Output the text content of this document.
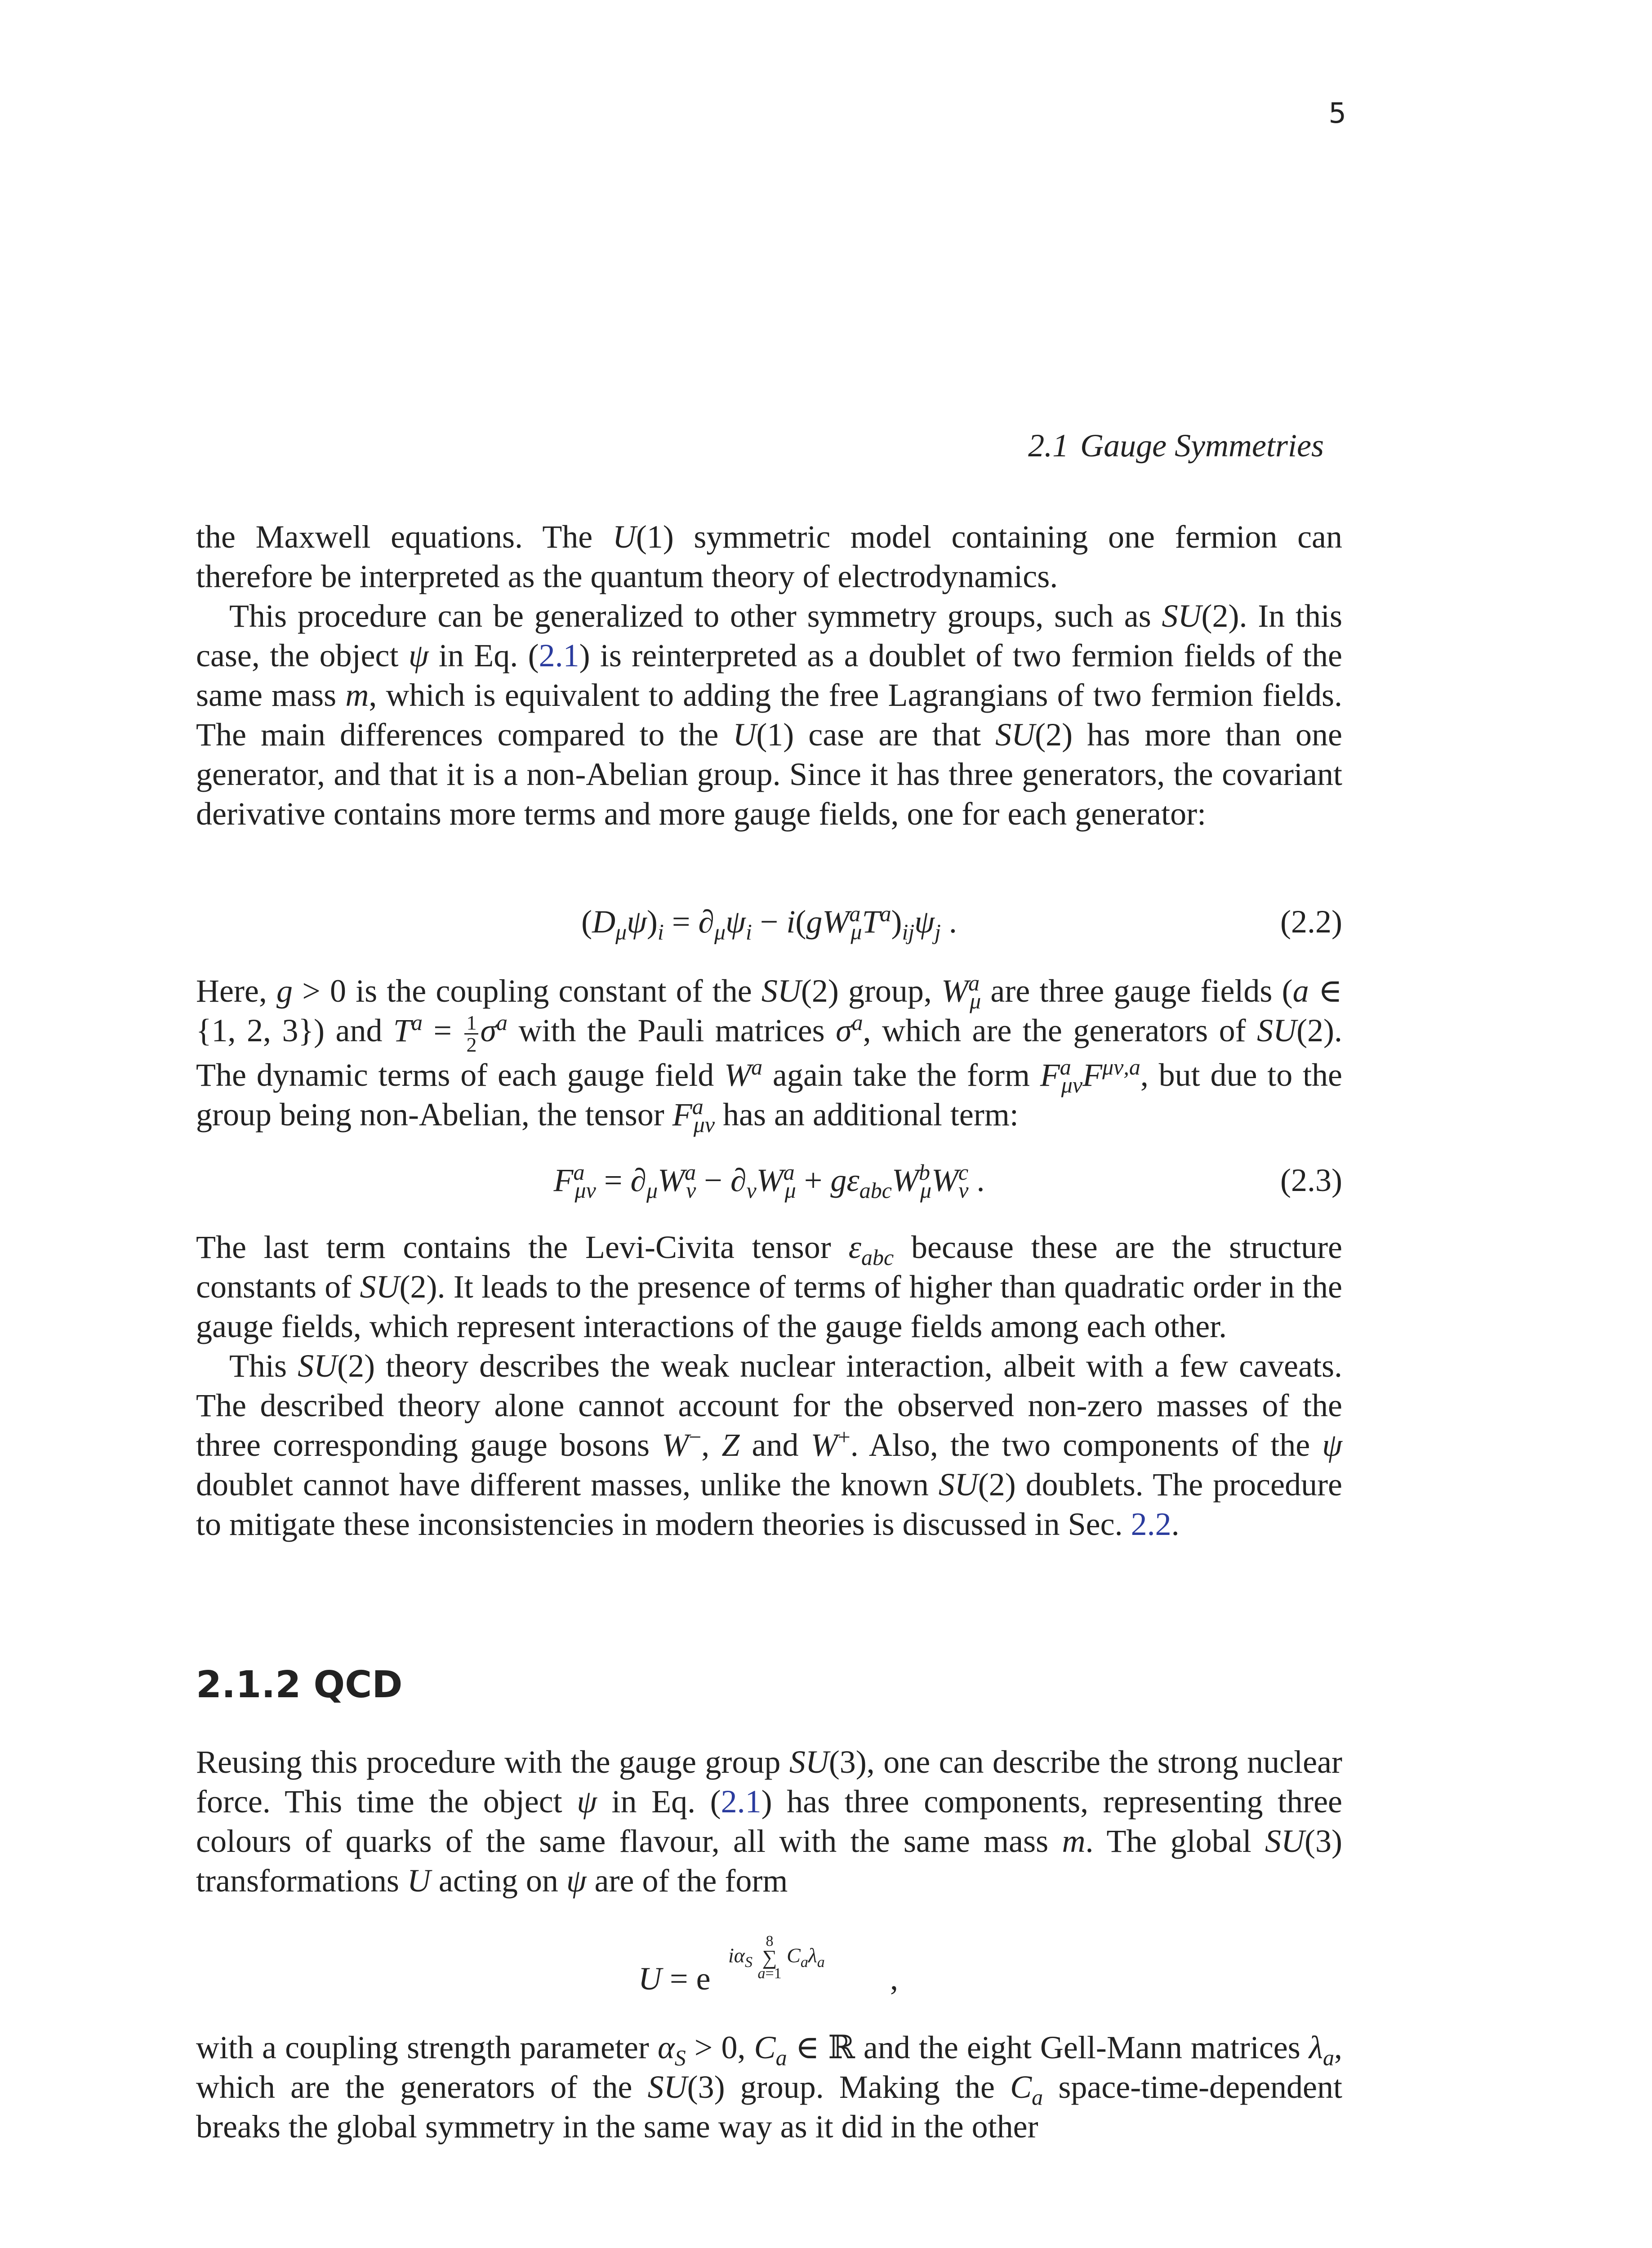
5
2.1 Gauge Symmetries

the Maxwell equations. The U(1) symmetric model containing one fermion can therefore be interpreted as the quantum theory of electrodynamics.

This procedure can be generalized to other symmetry groups, such as SU(2). In this case, the object ψ in Eq. (2.1) is reinterpreted as a doublet of two fermion fields of the same mass m, which is equivalent to adding the free Lagrangians of two fermion fields. The main differences compared to the U(1) case are that SU(2) has more than one generator, and that it is a non-Abelian group. Since it has three generators, the covariant derivative contains more terms and more gauge fields, one for each generator:

$(D_\mu\psi)_i = \partial_\mu\psi_i - i(gW^a_\mu T^a)_{ij}\psi_j$ .	(2.2)

Here, g > 0 is the coupling constant of the SU(2) group, $W^a_\mu$ are three gauge fields (a ∈ {1, 2, 3}) and $T^a = \frac{1}{2} \sigma^a$ with the Pauli matrices $\sigma^a$, which are the generators of SU(2). The dynamic terms of each gauge field $W^a$ again take the form $F^a_{\mu\nu}F^{\mu\nu,a}$, but due to the group being non-Abelian, the tensor $F^a_{\mu\nu}$ has an additional term:

$F^a_{\mu\nu} = \partial_\mu W^a_\nu - \partial_\nu W^a_\mu + g\varepsilon_{abc}W^b_\mu W^c_\nu$ .	(2.3)

The last term contains the Levi-Civita tensor $\varepsilon_{abc}$ because these are the structure constants of SU(2). It leads to the presence of terms of higher than quadratic order in the gauge fields, which represent interactions of the gauge fields among each other.

This SU(2) theory describes the weak nuclear interaction, albeit with a few caveats. The described theory alone cannot account for the observed non-zero masses of the three corresponding gauge bosons W−, Z and W+. Also, the two components of the ψ doublet cannot have different masses, unlike the known SU(2) doublets. The procedure to mitigate these inconsistencies in modern theories is discussed in Sec. 2.2.

2.1.2 QCD

Reusing this procedure with the gauge group SU(3), one can describe the strong nuclear force. This time the object ψ in Eq. (2.1) has three components, representing three colours of quarks of the same flavour, all with the same mass m. The global SU(3) transformations U acting on ψ are of the form

U = e
$i\alpha_S$
8
∑
a=1
$C_a\lambda_a$ ,

with a coupling strength parameter $\alpha_S > 0$, $C_a$ ∈ ℝ and the eight Gell-Mann matrices $\lambda_a$, which are the generators of the SU(3) group. Making the $C_a$ space-time-dependent breaks the global symmetry in the same way as it did in the other
